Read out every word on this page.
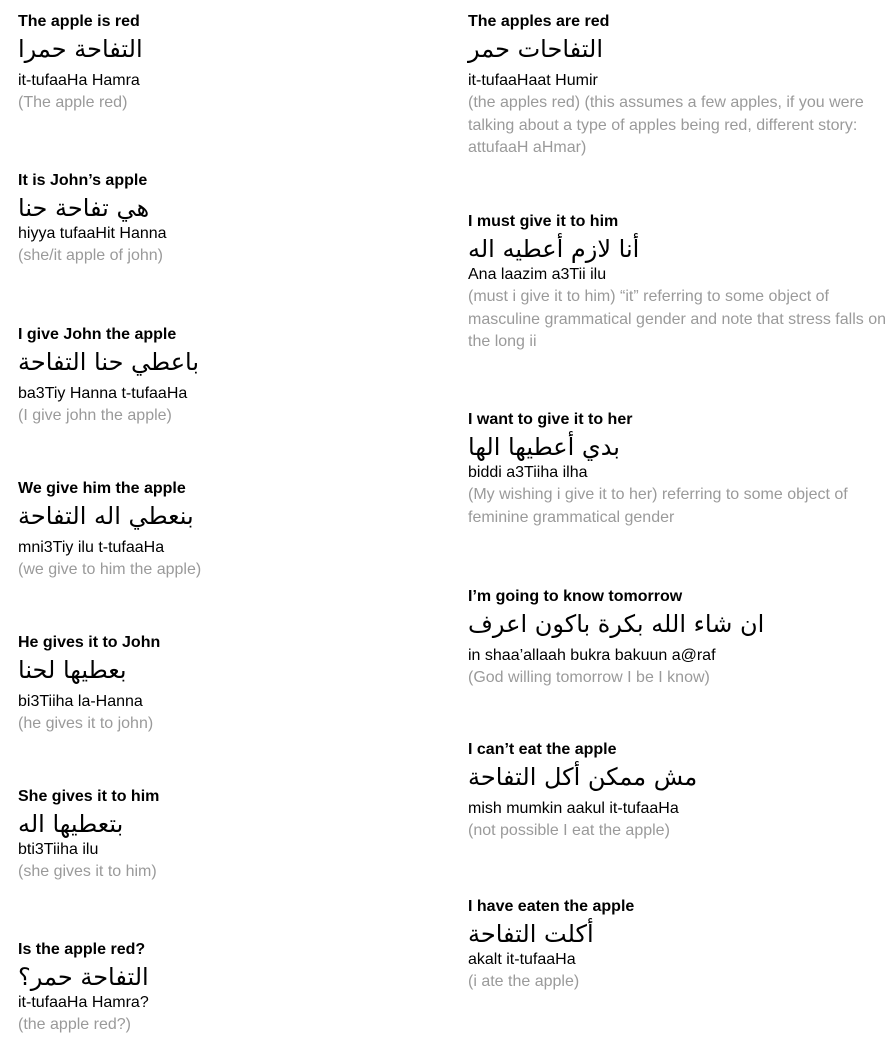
The apple is red
التفاحة حمرا
it-tufaaHa Hamra
(The apple red)
It is John’s apple
هي تفاحة حنا
hiyya tufaaHit Hanna
(she/it apple of john)
I give John the apple
باعطي حنا التفاحة
ba3Tiy Hanna t-tufaaHa
(I give john the apple)
We give him the apple
بنعطي اله التفاحة
mni3Tiy ilu t-tufaaHa
(we give to him the apple)
He gives it to John
بعطيها لحنا
bi3Tiiha la-Hanna
(he gives it to john)
She gives it to him
بتعطيها اله
bti3Tiiha ilu
(she gives it to him)
Is the apple red?
التفاحة حمر؟
it-tufaaHa Hamra?
(the apple red?)
The apples are red
التفاحات حمر
it-tufaaHaat Humir
(the apples red) (this assumes a few apples, if you were talking about a type of apples being red, different story: attufaaH aHmar)
I must give it to him
أنا لازم أعطيه اله
Ana laazim a3Tii ilu
(must i give it to him) “it” referring to some object of masculine grammatical gender and note that stress falls on the long ii
I want to give it to her
بدي أعطيها الها
biddi a3Tiiha ilha
(My wishing i give it to her) referring to some object of feminine grammatical gender
I’m going to know tomorrow
ان شاء الله بكرة باكون اعرف
in shaa’allaah bukra bakuun a@raf
(God willing tomorrow I be I know)
I can’t eat the apple
مش ممكن أكل التفاحة
mish mumkin aakul it-tufaaHa
(not possible I eat the apple)
I have eaten the apple
أكلت التفاحة
akalt it-tufaaHa
(i ate the apple)
